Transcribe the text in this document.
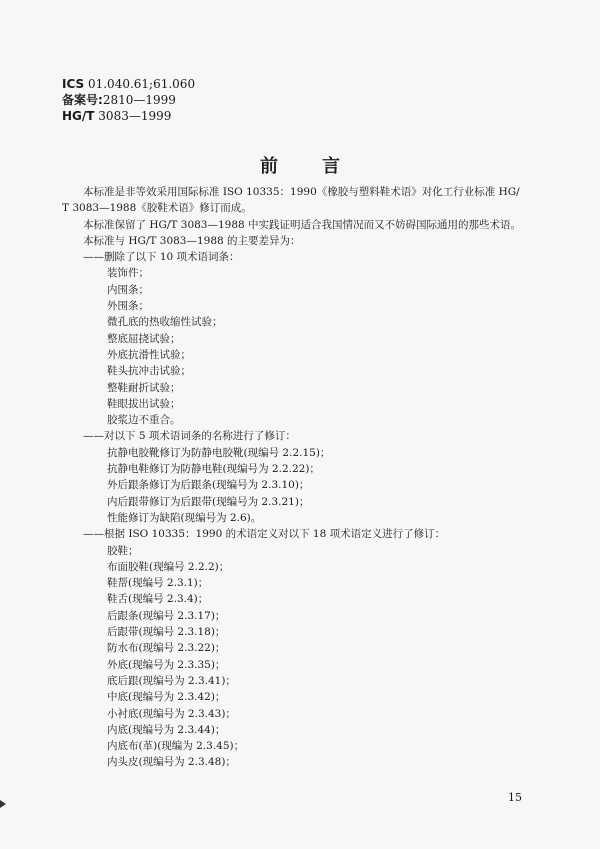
ICS 01.040.61;61.060
备案号:2810—1999
HG/T 3083—1999
前言
本标准是非等效采用国际标准 ISO 10335：1990《橡胶与塑料鞋术语》对化工行业标准 HG/
T 3083—1988《胶鞋术语》修订而成。
本标准保留了 HG/T 3083—1988 中实践证明适合我国情况而又不妨碍国际通用的那些术语。
本标准与 HG/T 3083—1988 的主要差异为：
——删除了以下 10 项术语词条：
装饰件；
内围条；
外围条；
微孔底的热收缩性试验；
整底屈挠试验；
外底抗滑性试验；
鞋头抗冲击试验；
整鞋耐折试验；
鞋眼拔出试验；
胶浆边不重合。
——对以下 5 项术语词条的名称进行了修订：
抗静电胶靴修订为防静电胶靴(现编号 2.2.15)；
抗静电鞋修订为防静电鞋(现编号为 2.2.22)；
外后跟条修订为后跟条(现编号为 2.3.10)；
内后跟带修订为后跟带(现编号为 2.3.21)；
性能修订为缺陷(现编号为 2.6)。
——根据 ISO 10335：1990 的术语定义对以下 18 项术语定义进行了修订：
胶鞋；
布面胶鞋(现编号 2.2.2)；
鞋帮(现编号 2.3.1)；
鞋舌(现编号 2.3.4)；
后跟条(现编号 2.3.17)；
后跟带(现编号 2.3.18)；
防水布(现编号 2.3.22)；
外底(现编号为 2.3.35)；
底后跟(现编号为 2.3.41)；
中底(现编号为 2.3.42)；
小衬底(现编号为 2.3.43)；
内底(现编号为 2.3.44)；
内底布(革)(现编为 2.3.45)；
内头皮(现编号为 2.3.48)；
15
